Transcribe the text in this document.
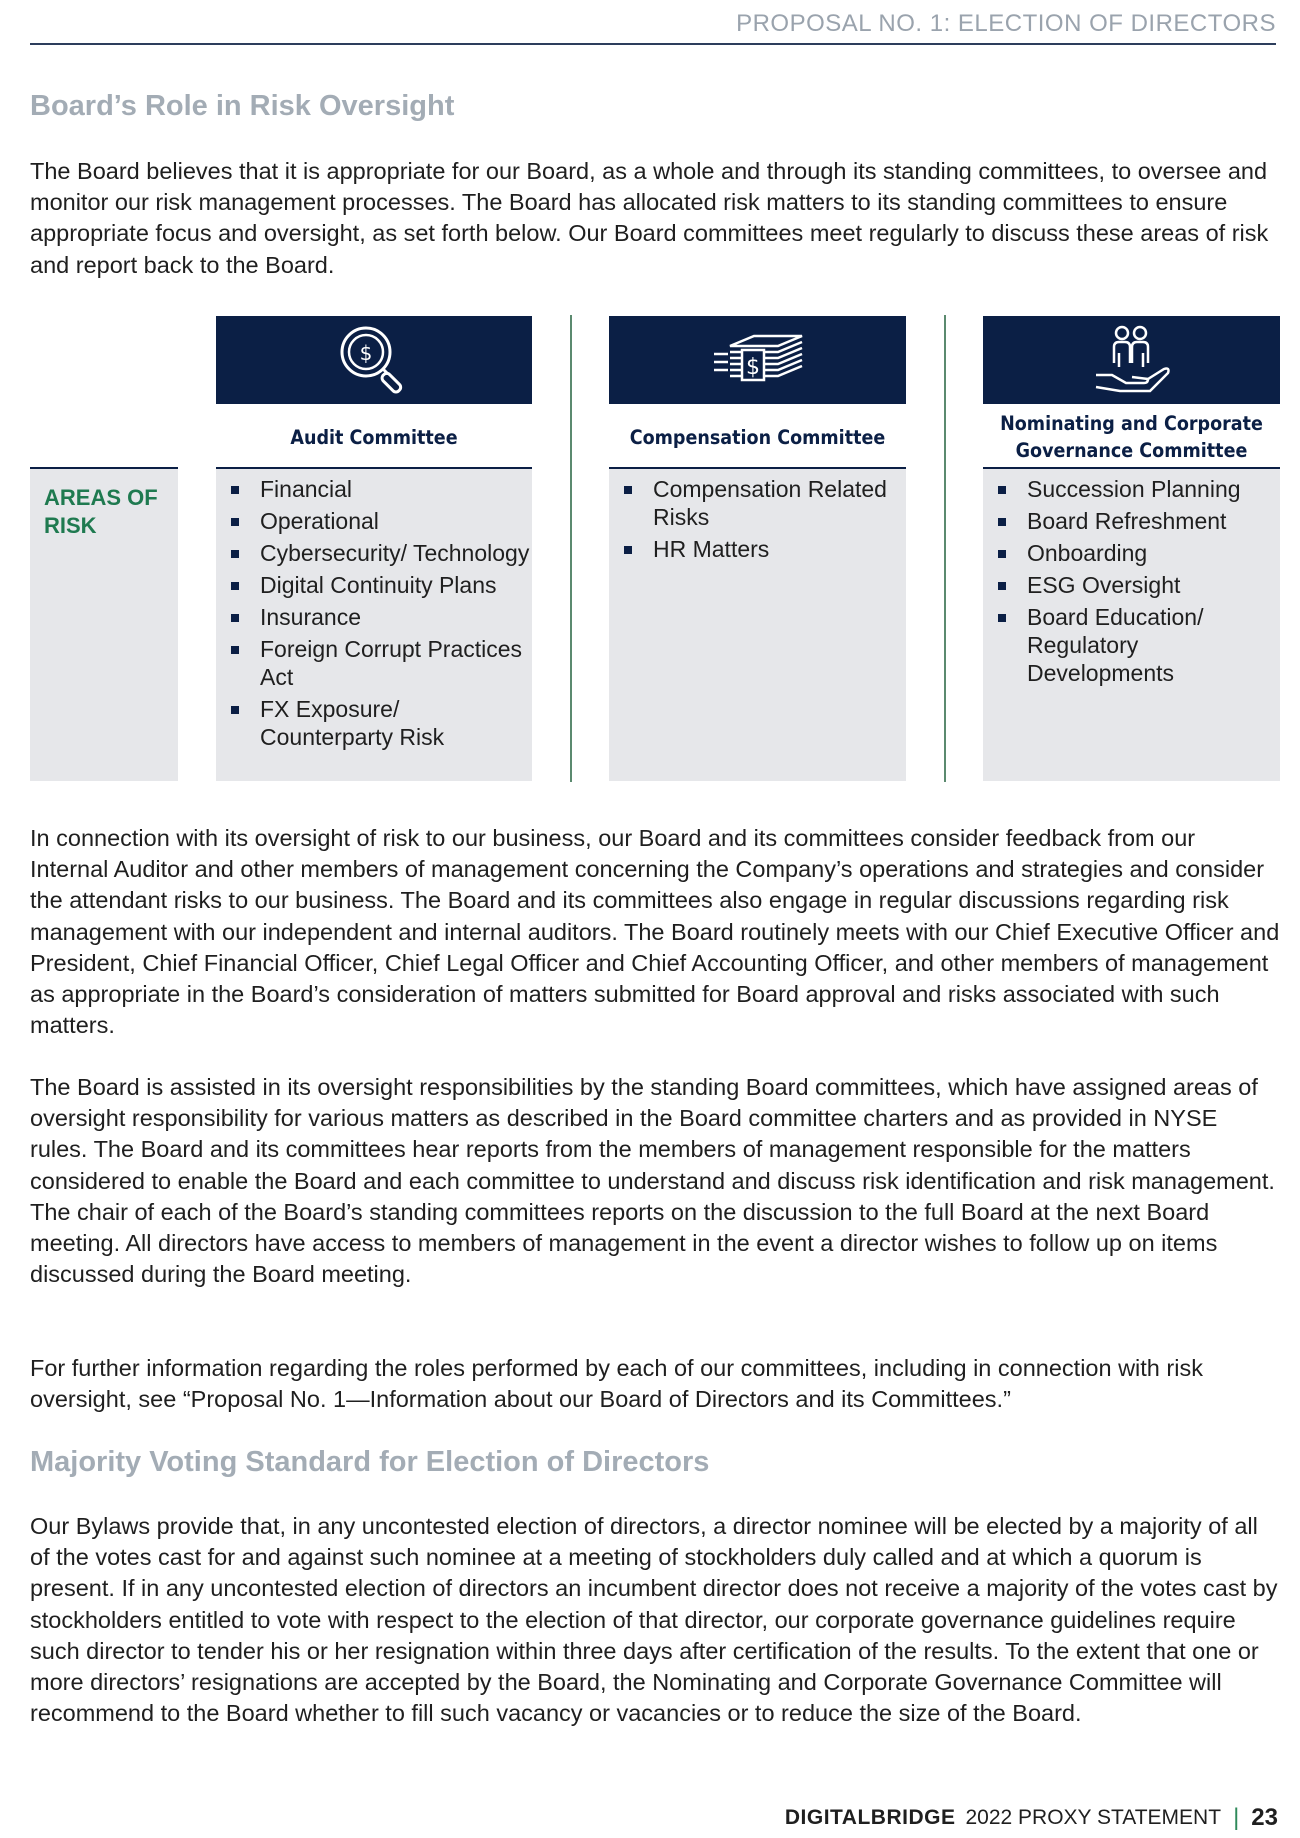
PROPOSAL NO. 1: ELECTION OF DIRECTORS
Board’s Role in Risk Oversight

The Board believes that it is appropriate for our Board, as a whole and through its standing committees, to oversee and monitor our risk management processes. The Board has allocated risk matters to its standing committees to ensure appropriate focus and oversight, as set forth below. Our Board committees meet regularly to discuss these areas of risk and report back to the Board.

AREAS OF RISK
$
Audit Committee
Financial
Operational
Cybersecurity/ Technology
Digital Continuity Plans
Insurance
Foreign Corrupt Practices Act
FX Exposure/ Counterparty Risk
$
Compensation Committee
Compensation Related Risks
HR Matters
Nominating and Corporate Governance Committee
Succession Planning
Board Refreshment
Onboarding
ESG Oversight
Board Education/ Regulatory Developments

In connection with its oversight of risk to our business, our Board and its committees consider feedback from our Internal Auditor and other members of management concerning the Company’s operations and strategies and consider the attendant risks to our business. The Board and its committees also engage in regular discussions regarding risk management with our independent and internal auditors. The Board routinely meets with our Chief Executive Officer and President, Chief Financial Officer, Chief Legal Officer and Chief Accounting Officer, and other members of management as appropriate in the Board’s consideration of matters submitted for Board approval and risks associated with such matters.

The Board is assisted in its oversight responsibilities by the standing Board committees, which have assigned areas of oversight responsibility for various matters as described in the Board committee charters and as provided in NYSE rules. The Board and its committees hear reports from the members of management responsible for the matters considered to enable the Board and each committee to understand and discuss risk identification and risk management. The chair of each of the Board’s standing committees reports on the discussion to the full Board at the next Board meeting. All directors have access to members of management in the event a director wishes to follow up on items discussed during the Board meeting.

For further information regarding the roles performed by each of our committees, including in connection with risk oversight, see “Proposal No. 1—Information about our Board of Directors and its Committees.”

Majority Voting Standard for Election of Directors

Our Bylaws provide that, in any uncontested election of directors, a director nominee will be elected by a majority of all of the votes cast for and against such nominee at a meeting of stockholders duly called and at which a quorum is present. If in any uncontested election of directors an incumbent director does not receive a majority of the votes cast by stockholders entitled to vote with respect to the election of that director, our corporate governance guidelines require such director to tender his or her resignation within three days after certification of the results. To the extent that one or more directors’ resignations are accepted by the Board, the Nominating and Corporate Governance Committee will recommend to the Board whether to fill such vacancy or vacancies or to reduce the size of the Board.

DIGITALBRIDGE 2022 PROXY STATEMENT | 23
